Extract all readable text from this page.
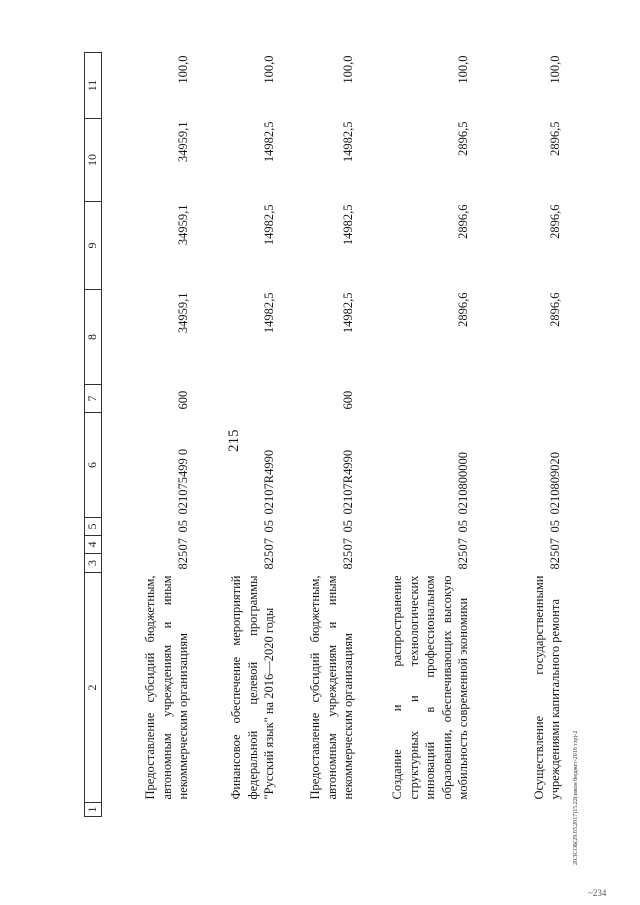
215
20.ЗСОБ(29.03.2017)15.22(закон бюджет-2016 тзр)-2
~234
1	2	3	4	5	6	7	8	9	10	11
	Предоставление субсидий бюджетным, автономным учреждениям и иным некоммерческим организациям	825	07	05	021075499 0	600	34959,1	34959,1	34959,1	100,0
	Финансовое обеспечение мероприятий федеральной целевой программы "Русский язык" на 2016—2020 годы	825	07	05	02107R4990		14982,5	14982,5	14982,5	100,0
	Предоставление субсидий бюджетным, автономным учреждениям и иным некоммерческим организациям	825	07	05	02107R4990	600	14982,5	14982,5	14982,5	100,0
	Создание и распространение структурных и технологических инноваций в профессиональном образовании, обеспечивающих высокую мобильность современной экономики	825	07	05	0210800000		2896,6	2896,6	2896,5	100,0
	Осуществление государственными учреждениями капитального ремонта	825	07	05	0210809020		2896,6	2896,6	2896,5	100,0
